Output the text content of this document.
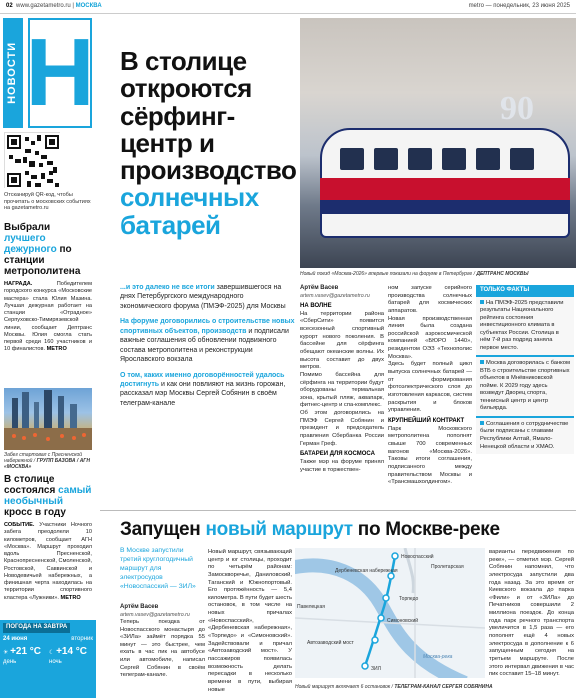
02 www.gazetametro.ru | МОСКВА	metro — понедельник, 23 июня 2025
НОВОСТИ Н
Отсканируй QR-код, чтобы прочитать о московских событиях на gazetametro.ru
Выбрали лучшего дежурного по станции метрополитена
НАГРАДА. Победителем городского конкурса «Московские мастера» стала Юлия Мазина. Лучшая дежурная работает на станции «Отрадное» Серпуховско-Тимирязевской линии, сообщает Дептранс Москвы. Юлия смогла стать первой среди 160 участников и 10 финалистов. METRO
Забег стартовал с Пресненской набережной / ГРУПП БАЗОВА / АГН «МОСКВА»
В столице состоялся самый необычный кросс в году
СОБЫТИЕ. Участники Ночного забега преодолели 10 километров, сообщает АГН «Москва». Маршрут проходил вдоль Пресненской, Краснопресненской, Смоленской, Ростовской, Саввинской и Новодевичьей набережных, а финишная черта находилась на территории спортивного кластера «Лужники». METRO
ПОГОДА НА ЗАВТРА
24 июня	вторник
☀ +21 °С
день
☾ +14 °С
ночь
В столице откроются сёрфинг-центр и производство солнечных батарей
90
Новый поезд «Москва-2026» впервые показали на форуме в Петербурге / ДЕПТРАНС МОСКВЫ

...и это далеко не все итоги завершившегося на днях Петербургского международного экономического форума (ПМЭФ-2025) для Москвы

На форуме договорились о строительстве новых спортивных объектов, производств и подписали важные соглашения об обновлении подвижного состава метрополитена и реконструкции Ярославского вокзала

О том, каких именно договорённостей удалось достигнуть и как они повлияют на жизнь горожан, рассказал мэр Москвы Сергей Собянин в своём телеграм-канале

Артём Васев
artem.vasev@gazetametro.ru
НА ВОЛНЕ

На территории района «СберСити» появится всесезонный спортивный курорт нового поколения. В бассейне для сёрфинга обещают океанские волны. Их высота составит до двух метров.

Помимо бассейна для сёрфинга на территории будут оборудованы термальная зона, крытый пляж, аквапарк, фитнес-центр и спа-комплекс.

Об этом договорились на ПМЭФ Сергей Собянин и президент и председатель правления Сбербанка России Герман Греф.

БАТАРЕИ ДЛЯ КОСМОСА

Также мэр на форуме принял участие в торжествен-

ном запуске серийного производства солнечных батарей для космических аппаратов.

Новая производственная линия была создана российской аэрокосмической компанией «БЮРО 1440», резидентом ОЭЗ «Технополис Москва».

Здесь будет полный цикл выпуска солнечных батарей — от формирования фотоэлектрического слоя до изготовления каркасов, систем раскрытия и блоков управления.

КРУПНЕЙШИЙ КОНТРАКТ

Парк Московского метрополитена пополнят свыше 700 современных вагонов «Москва-2026». Таковы итоги соглашения, подписанного между правительством Москвы и «Трансмашхолдингом».

ТОЛЬКО ФАКТЫ

На ПМЭФ-2025 представили результаты Национального рейтинга состояния инвестиционного климата в субъектах России. Столица в нём 7-й раз подряд заняла первое место.

Москва договорилась с банком ВТБ о строительстве спортивных объектов в Мнёвниковской пойме. К 2029 году здесь возведут Дворец спорта, теннисный центр и центр бильярда.

Соглашения о сотрудничестве были подписаны с главами Республики Алтай, Ямало-Ненецкой области и ХМАО.

Запущен новый маршрут по Москве-реке
В Москве запустили третий круглогодичный маршрут для электросудов «Новоспасский — ЗИЛ»
Артём Васев
artem.vasev@gazetametro.ru

Теперь поездка от Новоспасского монастыря до «ЗИЛа» займёт порядка 55 минут — это быстрее, чем ехать в час пик на автобусе или автомобиле, написал Сергей Собянин в своём телеграм-канале.

Новый маршрут, связывающий центр и юг столицы, проходит по четырём районам: Замоскворечье, Даниловский, Таганский и Южнопортовый. Его протяжённость — 5,4 километра. В пути будет шесть остановок, в том числе на новых причалах «Новоспасский», «Дербеневская набережная», «Торпедо» и «Симоновский». Задействовали и причал «Автозаводский мост». У пассажиров появилась возможность делать пересадки в несколько времени в пути, выбирая новые
Новоспасский
Дербеневская набережная
Торпедо
Симоновский
Автозаводский мост
ЗИЛ
Пролетарская
Павелецкая
Москва-река
Новый маршрут включает 6 остановок / ТЕЛЕГРАМ-КАНАЛ СЕРГЕЯ СОБЯНИНА
варианты передвижения по реке», — отметил мэр. Сергей Собянин напомнил, что электросуда запустили два года назад. За это время от Киевского вокзала до парка «Фили» и от «ЗИЛа» до Печатников совершили 2 миллиона поездок. До конца года парк речного транспорта увеличится в 1,5 раза — его пополнят ещё 4 новых электросуда в дополнение к 6 запущенным сегодня на третьем маршруте. После этого интервал движения в час пик составит 15–18 минут.
